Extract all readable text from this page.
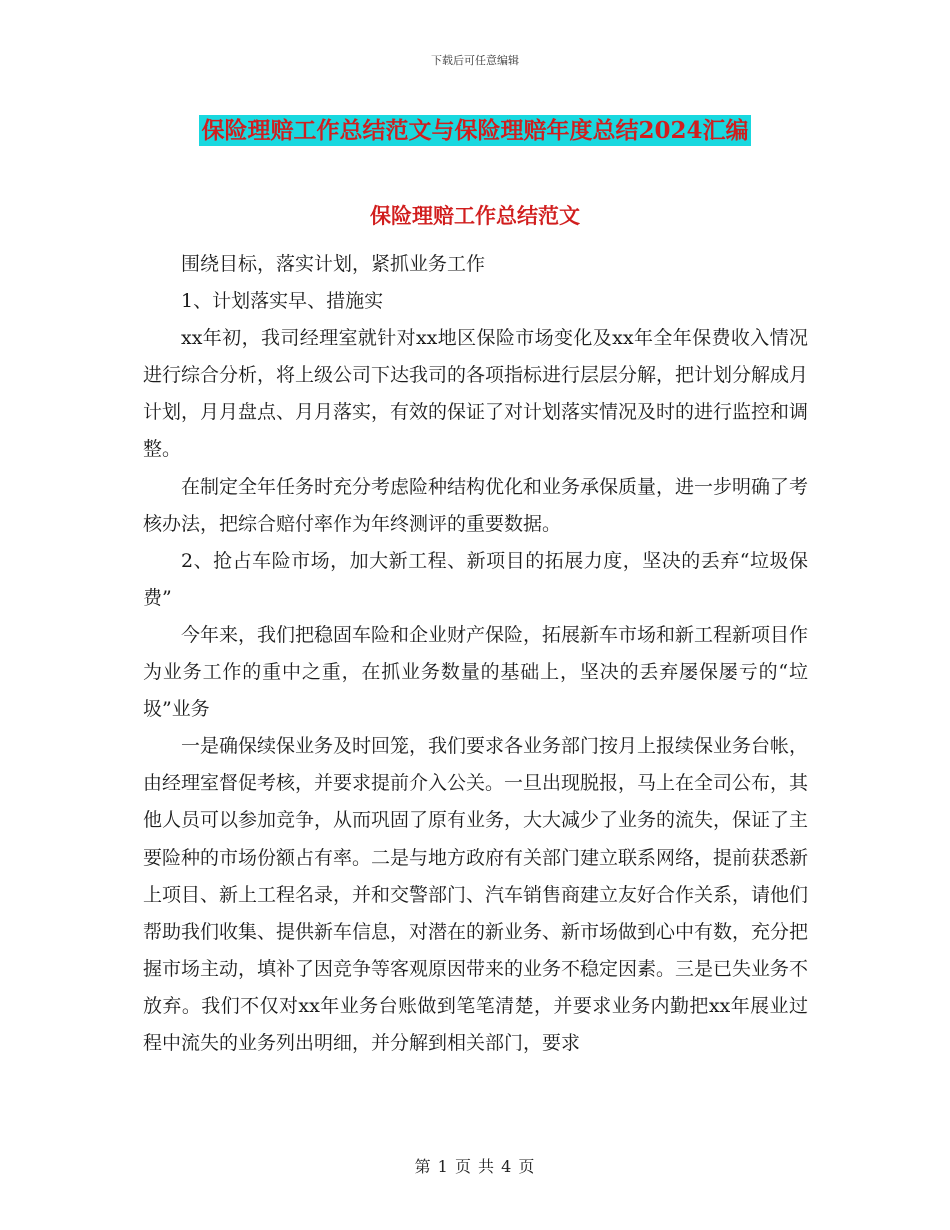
下载后可任意编辑
保险理赔工作总结范文与保险理赔年度总结2024汇编
保险理赔工作总结范文

围绕目标，落实计划，紧抓业务工作

1、计划落实早、措施实

xx年初，我司经理室就针对xx地区保险市场变化及xx年全年保费收入情况进行综合分析，将上级公司下达我司的各项指标进行层层分解，把计划分解成月计划，月月盘点、月月落实，有效的保证了对计划落实情况及时的进行监控和调整。

在制定全年任务时充分考虑险种结构优化和业务承保质量，进一步明确了考核办法，把综合赔付率作为年终测评的重要数据。

2、抢占车险市场，加大新工程、新项目的拓展力度，坚决的丢弃“垃圾保费”

今年来，我们把稳固车险和企业财产保险，拓展新车市场和新工程新项目作为业务工作的重中之重，在抓业务数量的基础上，坚决的丢弃屡保屡亏的“垃圾”业务

一是确保续保业务及时回笼，我们要求各业务部门按月上报续保业务台帐，由经理室督促考核，并要求提前介入公关。一旦出现脱报，马上在全司公布，其他人员可以参加竞争，从而巩固了原有业务，大大减少了业务的流失，保证了主要险种的市场份额占有率。二是与地方政府有关部门建立联系网络，提前获悉新上项目、新上工程名录，并和交警部门、汽车销售商建立友好合作关系，请他们帮助我们收集、提供新车信息，对潜在的新业务、新市场做到心中有数，充分把握市场主动，填补了因竞争等客观原因带来的业务不稳定因素。三是已失业务不放弃。我们不仅对xx年业务台账做到笔笔清楚，并要求业务内勤把xx年展业过程中流失的业务列出明细，并分解到相关部门，要求

第 1 页 共 4 页
